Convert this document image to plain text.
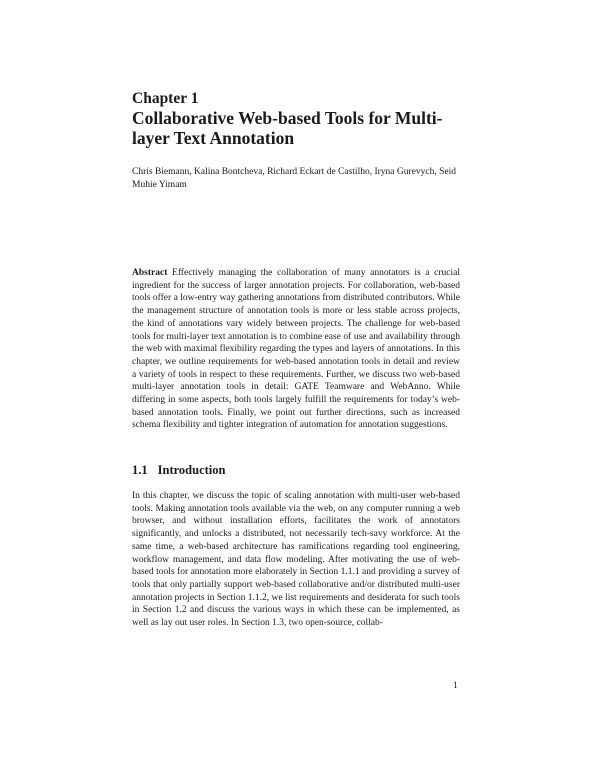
Chapter 1
Collaborative Web-based Tools for Multi-layer Text Annotation

Chris Biemann, Kalina Bontcheva, Richard Eckart de Castilho, Iryna Gurevych, Seid Muhie Yimam

Abstract Effectively managing the collaboration of many annotators is a crucial ingredient for the success of larger annotation projects. For collaboration, web-based tools offer a low-entry way gathering annotations from distributed contributors. While the management structure of annotation tools is more or less stable across projects, the kind of annotations vary widely between projects. The challenge for web-based tools for multi-layer text annotation is to combine ease of use and availability through the web with maximal flexibility regarding the types and layers of annotations. In this chapter, we outline requirements for web-based annotation tools in detail and review a variety of tools in respect to these requirements. Further, we discuss two web-based multi-layer annotation tools in detail: GATE Teamware and WebAnno. While differing in some aspects, both tools largely fulfill the requirements for today’s web-based annotation tools. Finally, we point out further directions, such as increased schema flexibility and tighter integration of automation for annotation suggestions.

1.1 Introduction

In this chapter, we discuss the topic of scaling annotation with multi-user web-based tools. Making annotation tools available via the web, on any computer running a web browser, and without installation efforts, facilitates the work of annotators significantly, and unlocks a distributed, not necessarily tech-savy workforce. At the same time, a web-based architecture has ramifications regarding tool engineering, workflow management, and data flow modeling. After motivating the use of web-based tools for annotation more elaborately in Section 1.1.1 and providing a survey of tools that only partially support web-based collaborative and/or distributed multi-user annotation projects in Section 1.1.2, we list requirements and desiderata for such tools in Section 1.2 and discuss the various ways in which these can be implemented, as well as lay out user roles. In Section 1.3, two open-source, collab-

1
